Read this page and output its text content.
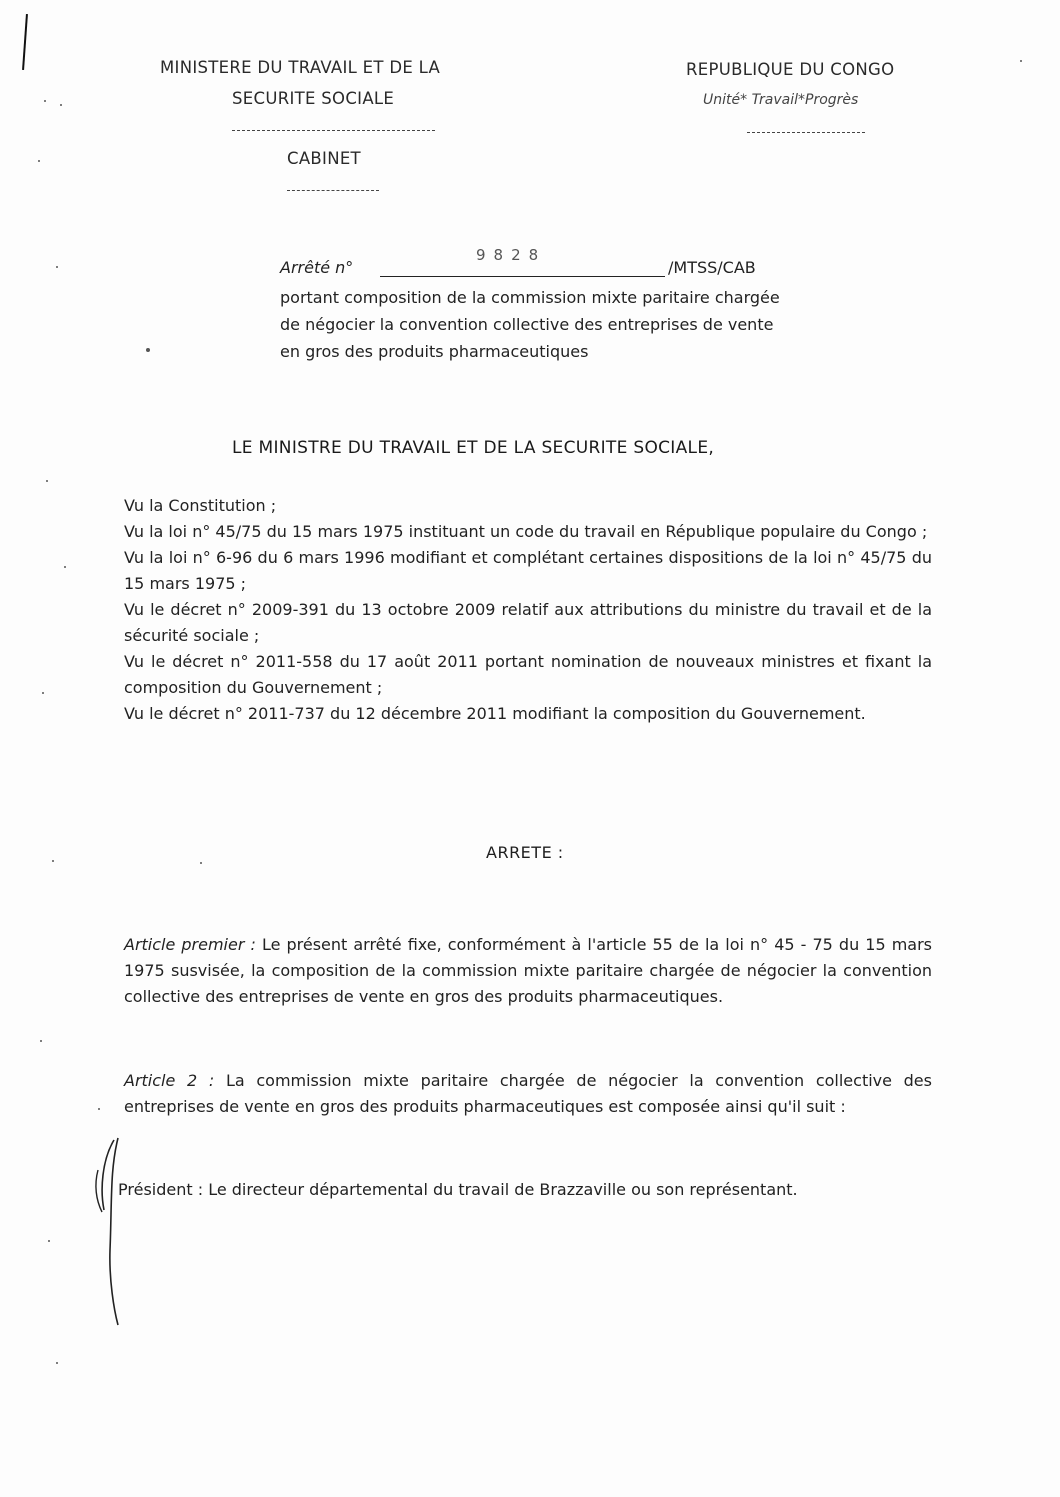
MINISTERE DU TRAVAIL ET DE LA
SECURITE SOCIALE
CABINET
REPUBLIQUE DU CONGO
Unité* Travail*Progrès
Arrêté n°
9828
/MTSS/CAB
portant composition de la commission mixte paritaire chargée
de négocier la convention collective des entreprises de vente
en gros des produits pharmaceutiques
LE MINISTRE DU TRAVAIL ET DE LA SECURITE SOCIALE,

Vu la Constitution ;

Vu la loi n° 45/75 du 15 mars 1975 instituant un code du travail en République populaire du Congo ;

Vu la loi n° 6-96 du 6 mars 1996 modifiant et complétant certaines dispositions de la loi n° 45/75 du 15 mars 1975 ;

Vu le décret n° 2009-391 du 13 octobre 2009 relatif aux attributions du ministre du travail et de la sécurité sociale ;

Vu le décret n° 2011-558 du 17 août 2011 portant nomination de nouveaux ministres et fixant la composition du Gouvernement ;

Vu le décret n° 2011-737 du 12 décembre 2011 modifiant la composition du Gouvernement.

ARRETE :

Article premier : Le présent arrêté fixe, conformément à l'article 55 de la loi n° 45 - 75 du 15 mars 1975 susvisée, la composition de la commission mixte paritaire chargée de négocier la convention collective des entreprises de vente en gros des produits pharmaceutiques.

Article 2 : La commission mixte paritaire chargée de négocier la convention collective des entreprises de vente en gros des produits pharmaceutiques est composée ainsi qu'il suit :

Président : Le directeur départemental du travail de Brazzaville ou son représentant.
